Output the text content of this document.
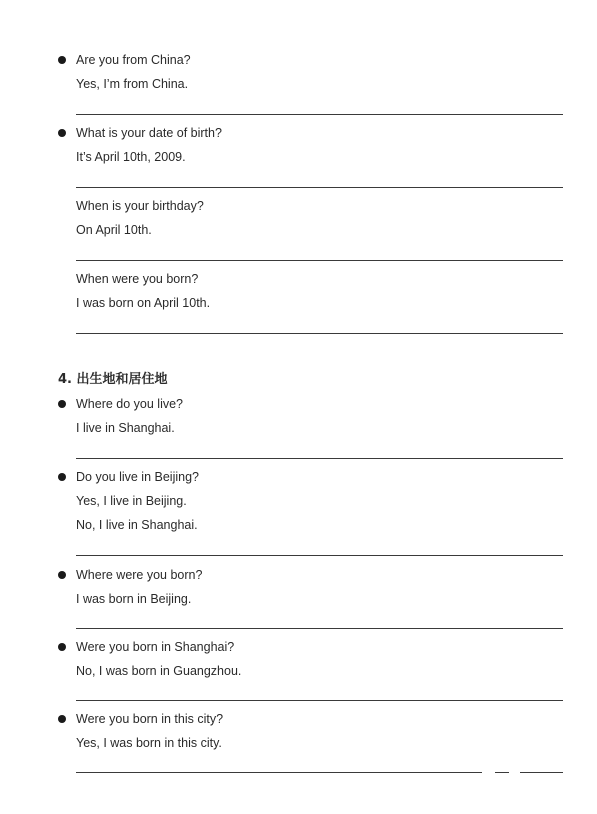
Are you from China?
Yes, I’m from China.
What is your date of birth?
It’s April 10th, 2009.
When is your birthday?
On April 10th.
When were you born?
I was born on April 10th.
4. 出生地和居住地
Where do you live?
I live in Shanghai.
Do you live in Beijing?
Yes, I live in Beijing.
No, I live in Shanghai.
Where were you born?
I was born in Beijing.
Were you born in Shanghai?
No, I was born in Guangzhou.
Were you born in this city?
Yes, I was born in this city.
